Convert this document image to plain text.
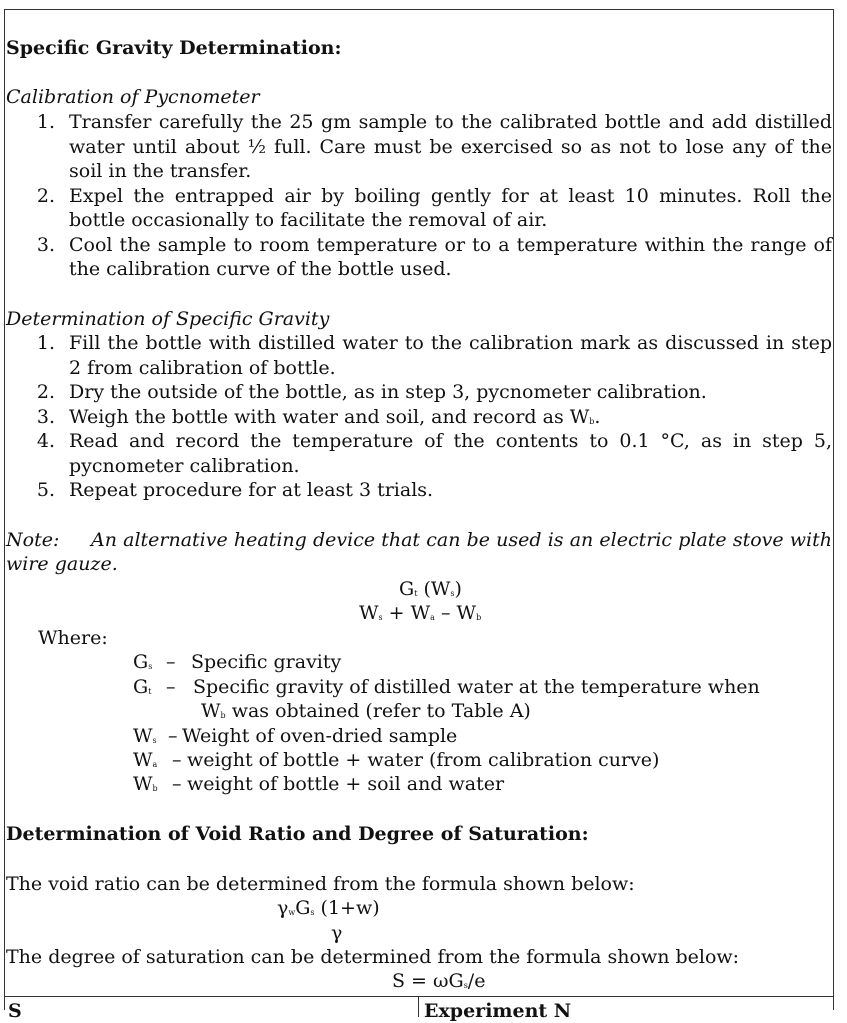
Specific Gravity Determination:
Calibration of Pycnometer
1. Transfer carefully the 25 gm sample to the calibrated bottle and add distilled
water until about ½ full. Care must be exercised so as not to lose any of the
soil in the transfer.
2. Expel the entrapped air by boiling gently for at least 10 minutes. Roll the
bottle occasionally to facilitate the removal of air.
3. Cool the sample to room temperature or to a temperature within the range of
the calibration curve of the bottle used.
Determination of Specific Gravity
1. Fill the bottle with distilled water to the calibration mark as discussed in step
2 from calibration of bottle.
2. Dry the outside of the bottle, as in step 3, pycnometer calibration.
3. Weigh the bottle with water and soil, and record as Wb.
4. Read and record the temperature of the contents to 0.1 °C, as in step 5,
pycnometer calibration.
5. Repeat procedure for at least 3 trials.
Note: An alternative heating device that can be used is an electric plate stove with
wire gauze.
Gt (Ws)
Ws + Wa – Wb
Where:
Gs – Specific gravity
Gt – Specific gravity of distilled water at the temperature when
Wb was obtained (refer to Table A)
Ws – Weight of oven-dried sample
Wa – weight of bottle + water (from calibration curve)
Wb – weight of bottle + soil and water
Determination of Void Ratio and Degree of Saturation:
The void ratio can be determined from the formula shown below:
γwGs (1+w)
γ
The degree of saturation can be determined from the formula shown below:
S = ωGs/e
S	Experiment N
